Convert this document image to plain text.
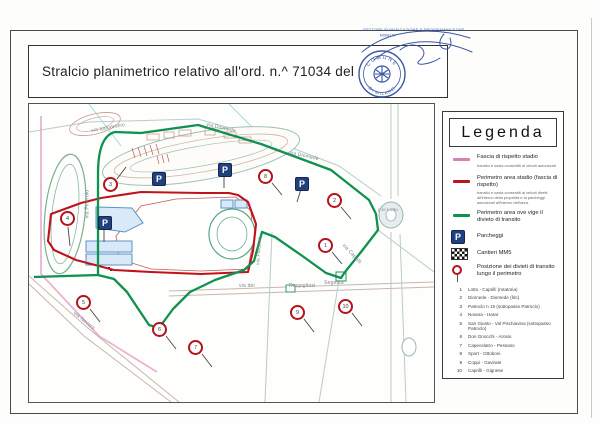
Stralcio planimetrico relativo all'ord. n.^ 71034 del
SETTORE PIANIFICAZIONE E PROGRAMMAZIONE
MOBILITA'
COMUNE
DI MILANO
1
2
3
4
5
6
7
8
9
10
P
P
P
P
via Ippodromo	via Diomede
via Diomede
via Pinerolo	p.le Lotto
via dei	Rospigliosi Segesta
via Palatino	via Caprilli
via Novara
Legenda
Fascia di rispetto stadio
transito e sosta consentiti ai veicoli autorizzati
Perimetro area stadio (fascia di rispetto)
transito e sosta consentiti ai veicoli diretti all'interno della proprietà e ai parcheggi autorizzati all'interno dell'area.
Perimetro area ove vige il divieto di transito
P	Parcheggi
Cantieri MM5
Posizione dei divieti di transito lungo il perimetro
1 Lotto - Caprilli (rotatoria)
2 Diomede - Diomede (fdc)
3 Patroclo n 19 (sottopasso Patroclo)
4 Novara - Harar
5 San Giusto - Val Pischiavina (sottopasso Patroclo)
6 Don Gnocchi - Arosio
7 Capecelatro - Pessano
8 Sport - Ottoboni
9 Coppi - Gavirate
10 Caprilli - Gignese
